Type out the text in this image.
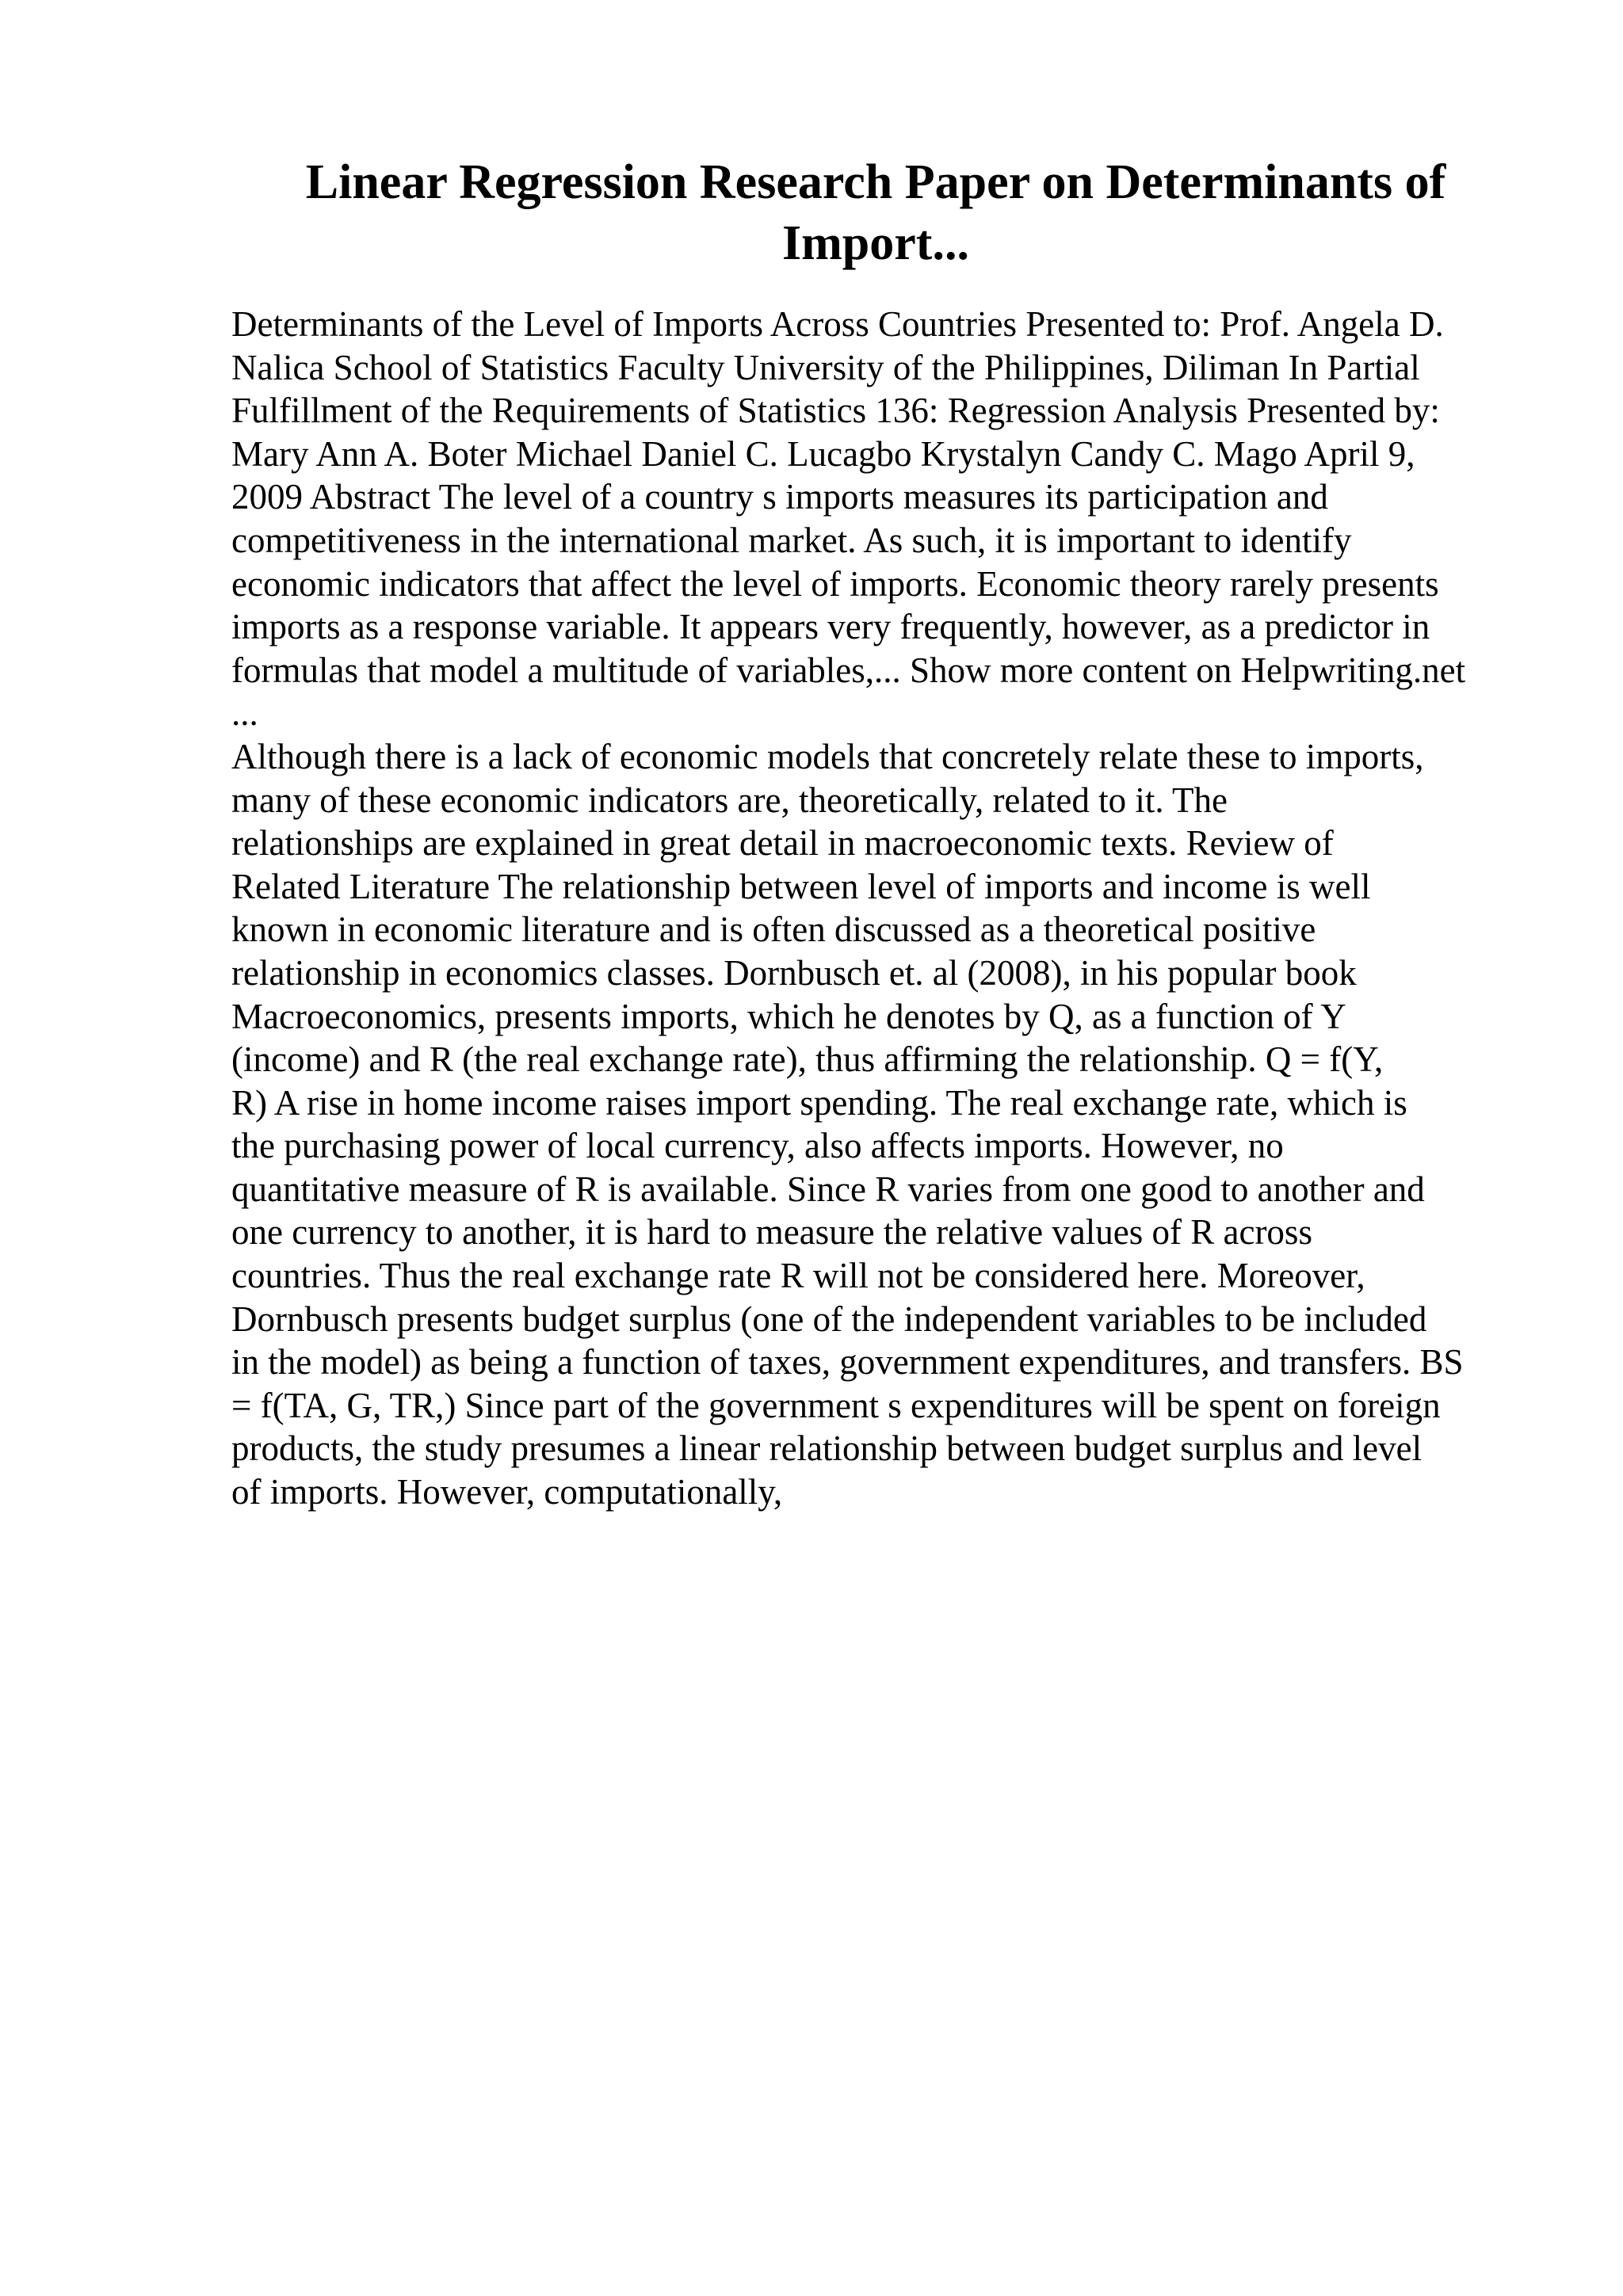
Linear Regression Research Paper on Determinants of
Import...
Determinants of the Level of Imports Across Countries Presented to: Prof. Angela D.
Nalica School of Statistics Faculty University of the Philippines, Diliman In Partial
Fulfillment of the Requirements of Statistics 136: Regression Analysis Presented by:
Mary Ann A. Boter Michael Daniel C. Lucagbo Krystalyn Candy C. Mago April 9,
2009 Abstract The level of a country s imports measures its participation and
competitiveness in the international market. As such, it is important to identify
economic indicators that affect the level of imports. Economic theory rarely presents
imports as a response variable. It appears very frequently, however, as a predictor in
formulas that model a multitude of variables,... Show more content on Helpwriting.net
...
Although there is a lack of economic models that concretely relate these to imports,
many of these economic indicators are, theoretically, related to it. The
relationships are explained in great detail in macroeconomic texts. Review of
Related Literature The relationship between level of imports and income is well
known in economic literature and is often discussed as a theoretical positive
relationship in economics classes. Dornbusch et. al (2008), in his popular book
Macroeconomics, presents imports, which he denotes by Q, as a function of Y
(income) and R (the real exchange rate), thus affirming the relationship. Q = f(Y,
R) A rise in home income raises import spending. The real exchange rate, which is
the purchasing power of local currency, also affects imports. However, no
quantitative measure of R is available. Since R varies from one good to another and
one currency to another, it is hard to measure the relative values of R across
countries. Thus the real exchange rate R will not be considered here. Moreover,
Dornbusch presents budget surplus (one of the independent variables to be included
in the model) as being a function of taxes, government expenditures, and transfers. BS
= f(TA, G, TR,) Since part of the government s expenditures will be spent on foreign
products, the study presumes a linear relationship between budget surplus and level
of imports. However, computationally,
